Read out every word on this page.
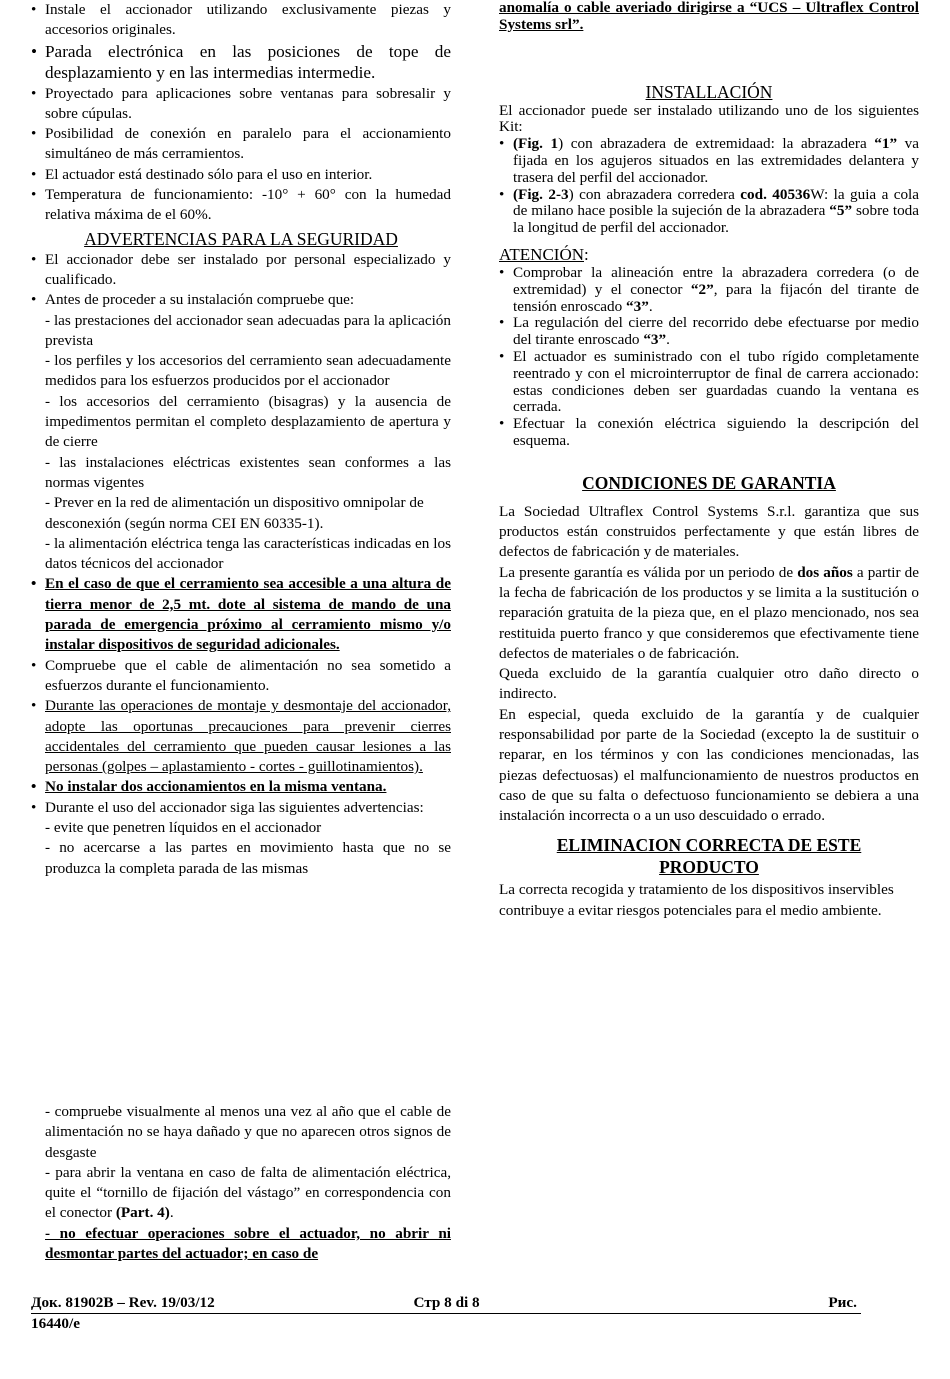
• Instale el accionador utilizando exclusivamente piezas y accesorios originales.
• Parada electrónica en las posiciones de tope de desplazamiento y en las intermedias intermedie.
• Proyectado para aplicaciones sobre ventanas para sobresalir y sobre cúpulas.
• Posibilidad de conexión en paralelo para el accionamiento simultáneo de más cerramientos.
• El actuador está destinado sólo para el uso en interior.
• Temperatura de funcionamiento: -10° + 60° con la humedad relativa máxima de el 60%.
ADVERTENCIAS PARA LA SEGURIDAD
• El accionador debe ser instalado por personal especializado y cualificado.
• Antes de proceder a su instalación compruebe que:

- las prestaciones del accionador sean adecuadas para la aplicación prevista

- los perfiles y los accesorios del cerramiento sean adecuadamente medidos para los esfuerzos producidos por el accionador

- los accesorios del cerramiento (bisagras) y la ausencia de impedimentos permitan el completo desplazamiento de apertura y de cierre

- las instalaciones eléctricas existentes sean conformes a las normas vigentes

- Prever en la red de alimentación un dispositivo omnipolar de desconexión (según norma CEI EN 60335-1).

- la alimentación eléctrica tenga las características indicadas en los datos técnicos del accionador

• En el caso de que el cerramiento sea accesible a una altura de tierra menor de 2,5 mt. dote al sistema de mando de una parada de emergencia próximo al cerramiento mismo y/o instalar dispositivos de seguridad adicionales.
• Compruebe que el cable de alimentación no sea sometido a esfuerzos durante el funcionamiento.
• Durante las operaciones de montaje y desmontaje del accionador, adopte las oportunas precauciones para prevenir cierres accidentales del cerramiento que pueden causar lesiones a las personas (golpes – aplastamiento - cortes - guillotinamientos).
• No instalar dos accionamientos en la misma ventana.
• Durante el uso del accionador siga las siguientes advertencias:

- evite que penetren líquidos en el accionador

- no acercarse a las partes en movimiento hasta que no se produzca la completa parada de las mismas

- compruebe visualmente al menos una vez al año que el cable de alimentación no se haya dañado y que no aparecen otros signos de desgaste
- para abrir la ventana en caso de falta de alimentación eléctrica, quite el “tornillo de fijación del vástago” en correspondencia con el conector (Part. 4).
- no efectuar operaciones sobre el actuador, no abrir ni desmontar partes del actuador; en caso de

anomalía o cable averiado dirigirse a “UCS – Ultraflex Control Systems srl”.

INSTALLACIÓN

El accionador puede ser instalado utilizando uno de los siguientes Kit:

• (Fig. 1) con abrazadera de extremidaad: la abrazadera “1” va fijada en los agujeros situados en las extremidades delantera y trasera del perfil del accionador.
• (Fig. 2-3) con abrazadera corredera cod. 40536W: la guia a cola de milano hace posible la sujeción de la abrazadera “5” sobre toda la longitud de perfil del accionador.

ATENCIÓN:

• Comprobar la alineación entre la abrazadera corredera (o de extremidad) y el conector “2”, para la fijacón del tirante de tensión enroscado “3”.
• La regulación del cierre del recorrido debe efectuarse por medio del tirante enroscado “3”.
• El actuador es suministrado con el tubo rígido completamente reentrado y con el microinterruptor de final de carrera accionado: estas condiciones deben ser guardadas cuando la ventana es cerrada.
• Efectuar la conexión eléctrica siguiendo la descripción del esquema.
CONDICIONES DE GARANTIA

La Sociedad Ultraflex Control Systems S.r.l. garantiza que sus productos están construidos perfectamente y que están libres de defectos de fabricación y de materiales.

La presente garantía es válida por un periodo de dos años a partir de la fecha de fabricación de los productos y se limita a la sustitución o reparación gratuita de la pieza que, en el plazo mencionado, nos sea restituida puerto franco y que consideremos que efectivamente tiene defectos de materiales o de fabricación.

Queda excluido de la garantía cualquier otro daño directo o indirecto.

En especial, queda excluido de la garantía y de cualquier responsabilidad por parte de la Sociedad (excepto la de sustituir o reparar, en los términos y con las condiciones mencionadas, las piezas defectuosas) el malfuncionamiento de nuestros productos en caso de que su falta o defectuoso funcionamiento se debiera a una instalación incorrecta o a un uso descuidado o errado.

ELIMINACION CORRECTA DE ESTE PRODUCTO

La correcta recogida y tratamiento de los dispositivos inservibles contribuye a evitar riesgos potenciales para el medio ambiente.

Док. 81902B – Rev. 19/03/12	Стр 8 di 8	Рис.
16440/e
